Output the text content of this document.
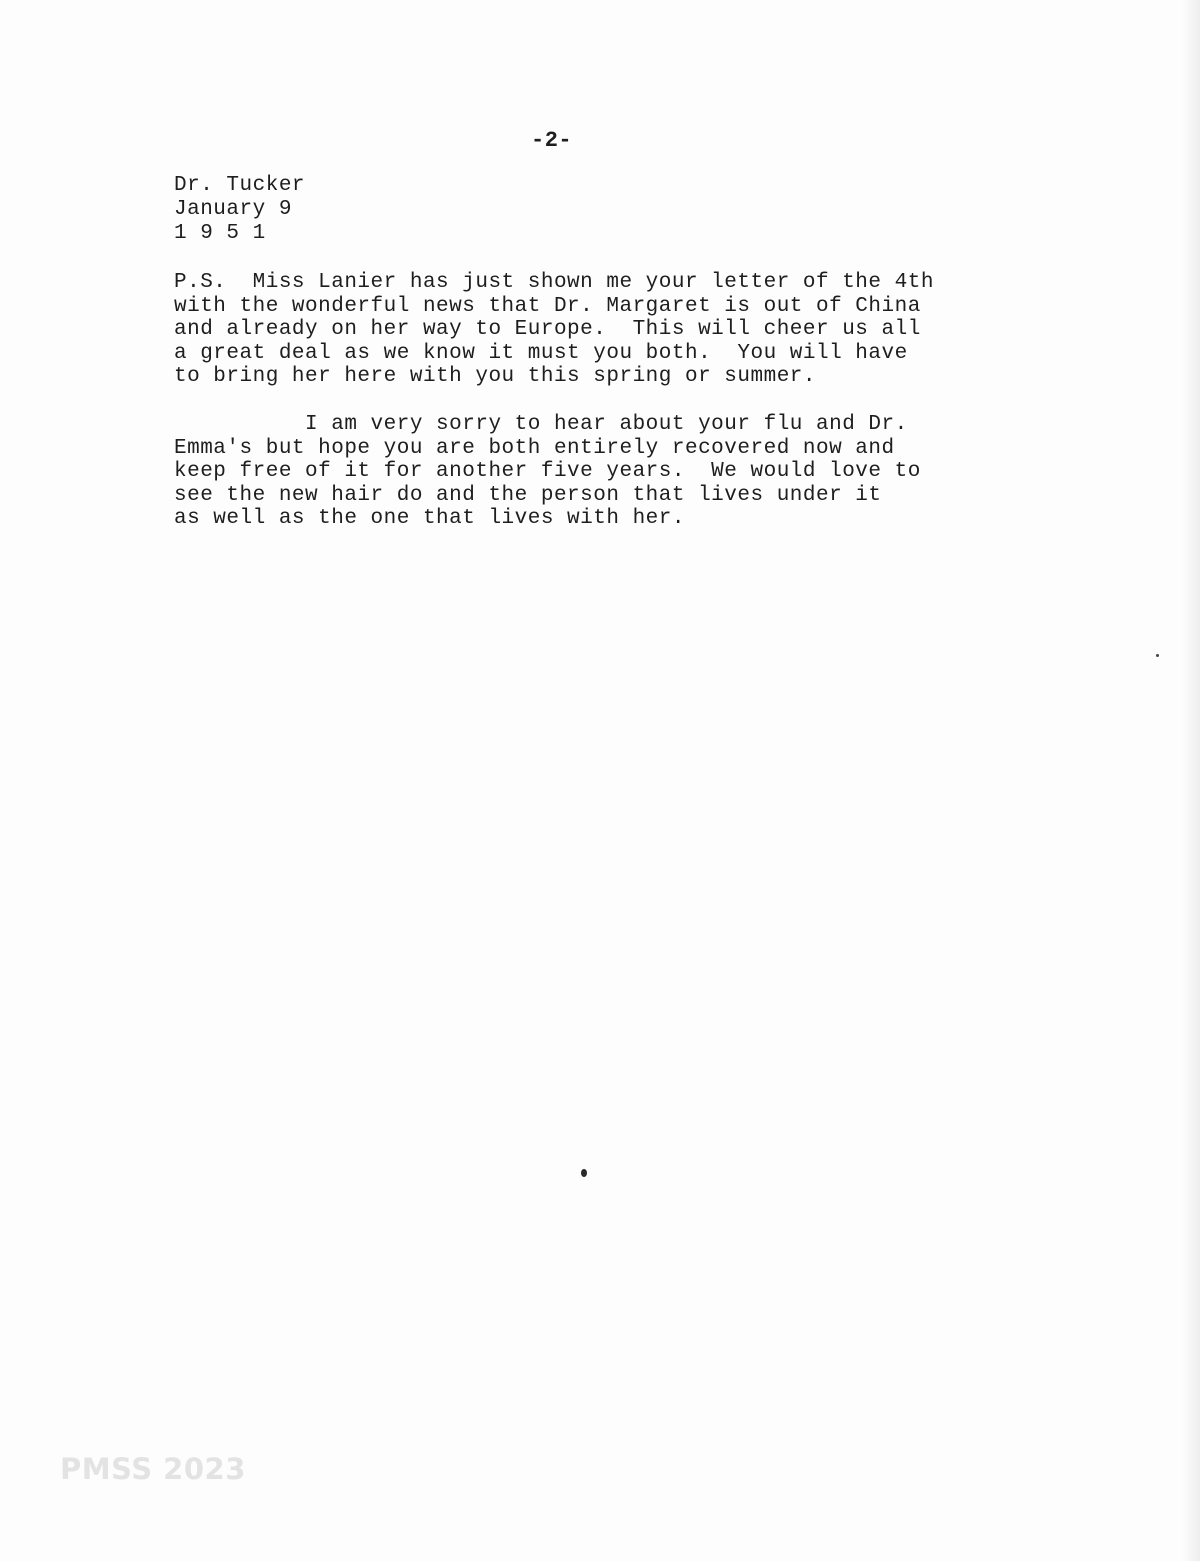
-2-

Dr. Tucker
January 9
1 9 5 1
P.S.  Miss Lanier has just shown me your letter of the 4th
with the wonderful news that Dr. Margaret is out of China
and already on her way to Europe.  This will cheer us all
a great deal as we know it must you both.  You will have
to bring her here with you this spring or summer.
I am very sorry to hear about your flu and Dr.
Emma's but hope you are both entirely recovered now and
keep free of it for another five years.  We would love to
see the new hair do and the person that lives under it
as well as the one that lives with her.

PMSS 2023
